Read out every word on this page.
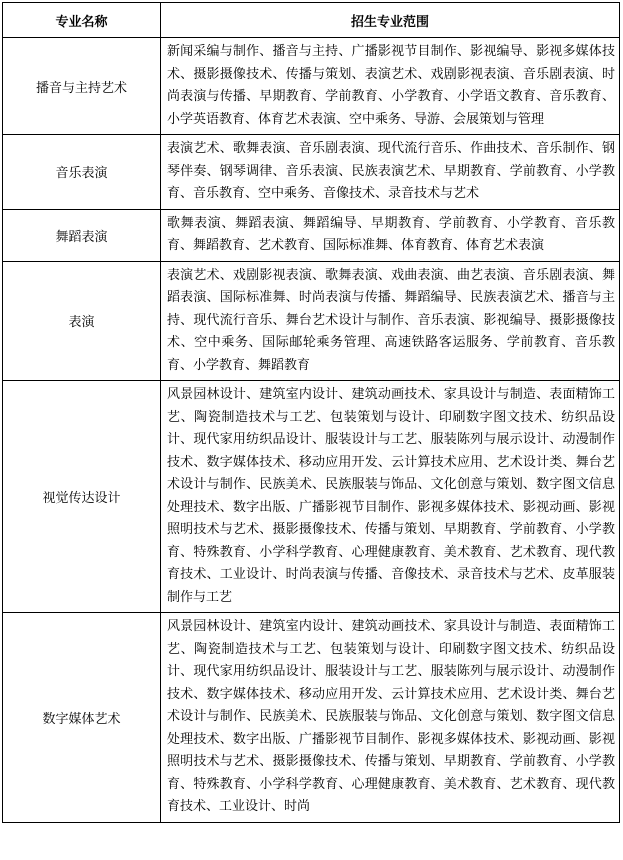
专业名称	招生专业范围
播音与主持艺术	新闻采编与制作、播音与主持、广播影视节目制作、影视编导、影视多媒体技术、摄影摄像技术、传播与策划、表演艺术、戏剧影视表演、音乐剧表演、时尚表演与传播、早期教育、学前教育、小学教育、小学语文教育、音乐教育、小学英语教育、体育艺术表演、空中乘务、导游、会展策划与管理
音乐表演	表演艺术、歌舞表演、音乐剧表演、现代流行音乐、作曲技术、音乐制作、钢琴伴奏、钢琴调律、音乐表演、民族表演艺术、早期教育、学前教育、小学教育、音乐教育、空中乘务、音像技术、录音技术与艺术
舞蹈表演	歌舞表演、舞蹈表演、舞蹈编导、早期教育、学前教育、小学教育、音乐教育、舞蹈教育、艺术教育、国际标准舞、体育教育、体育艺术表演
表演	表演艺术、戏剧影视表演、歌舞表演、戏曲表演、曲艺表演、音乐剧表演、舞蹈表演、国际标准舞、时尚表演与传播、舞蹈编导、民族表演艺术、播音与主持、现代流行音乐、舞台艺术设计与制作、音乐表演、影视编导、摄影摄像技术、空中乘务、国际邮轮乘务管理、高速铁路客运服务、学前教育、音乐教育、小学教育、舞蹈教育
视觉传达设计	风景园林设计、建筑室内设计、建筑动画技术、家具设计与制造、表面精饰工艺、陶瓷制造技术与工艺、包装策划与设计、印刷数字图文技术、纺织品设计、现代家用纺织品设计、服装设计与工艺、服装陈列与展示设计、动漫制作技术、数字媒体技术、移动应用开发、云计算技术应用、艺术设计类、舞台艺术设计与制作、民族美术、民族服装与饰品、文化创意与策划、数字图文信息处理技术、数字出版、广播影视节目制作、影视多媒体技术、影视动画、影视照明技术与艺术、摄影摄像技术、传播与策划、早期教育、学前教育、小学教育、特殊教育、小学科学教育、心理健康教育、美术教育、艺术教育、现代教育技术、工业设计、时尚表演与传播、音像技术、录音技术与艺术、皮革服装制作与工艺
数字媒体艺术	风景园林设计、建筑室内设计、建筑动画技术、家具设计与制造、表面精饰工艺、陶瓷制造技术与工艺、包装策划与设计、印刷数字图文技术、纺织品设计、现代家用纺织品设计、服装设计与工艺、服装陈列与展示设计、动漫制作技术、数字媒体技术、移动应用开发、云计算技术应用、艺术设计类、舞台艺术设计与制作、民族美术、民族服装与饰品、文化创意与策划、数字图文信息处理技术、数字出版、广播影视节目制作、影视多媒体技术、影视动画、影视照明技术与艺术、摄影摄像技术、传播与策划、早期教育、学前教育、小学教育、特殊教育、小学科学教育、心理健康教育、美术教育、艺术教育、现代教育技术、工业设计、时尚
